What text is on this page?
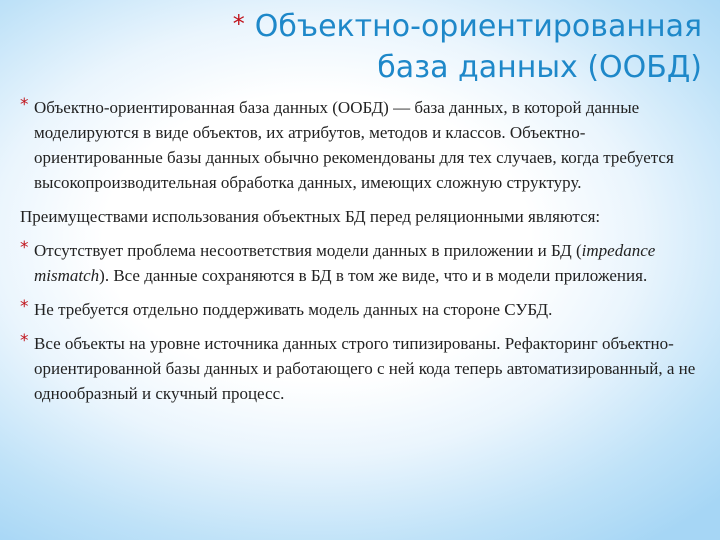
* Объектно-ориентированная
база данных (ООБД)
* Объектно-ориентированная база данных (ООБД) — база данных, в которой данные моделируются в виде объектов, их атрибутов, методов и классов. Объектно-ориентированные базы данных обычно рекомендованы для тех случаев, когда требуется высокопроизводительная обработка данных, имеющих сложную структуру.
Преимуществами использования объектных БД перед реляционными являются:
* Отсутствует проблема несоответствия модели данных в приложении и БД (impedance mismatch). Все данные сохраняются в БД в том же виде, что и в модели приложения.
* Не требуется отдельно поддерживать модель данных на стороне СУБД.
* Все объекты на уровне источника данных строго типизированы. Рефакторинг объектно-ориентированной базы данных и работающего с ней кода теперь автоматизированный, а не однообразный и скучный процесс.
